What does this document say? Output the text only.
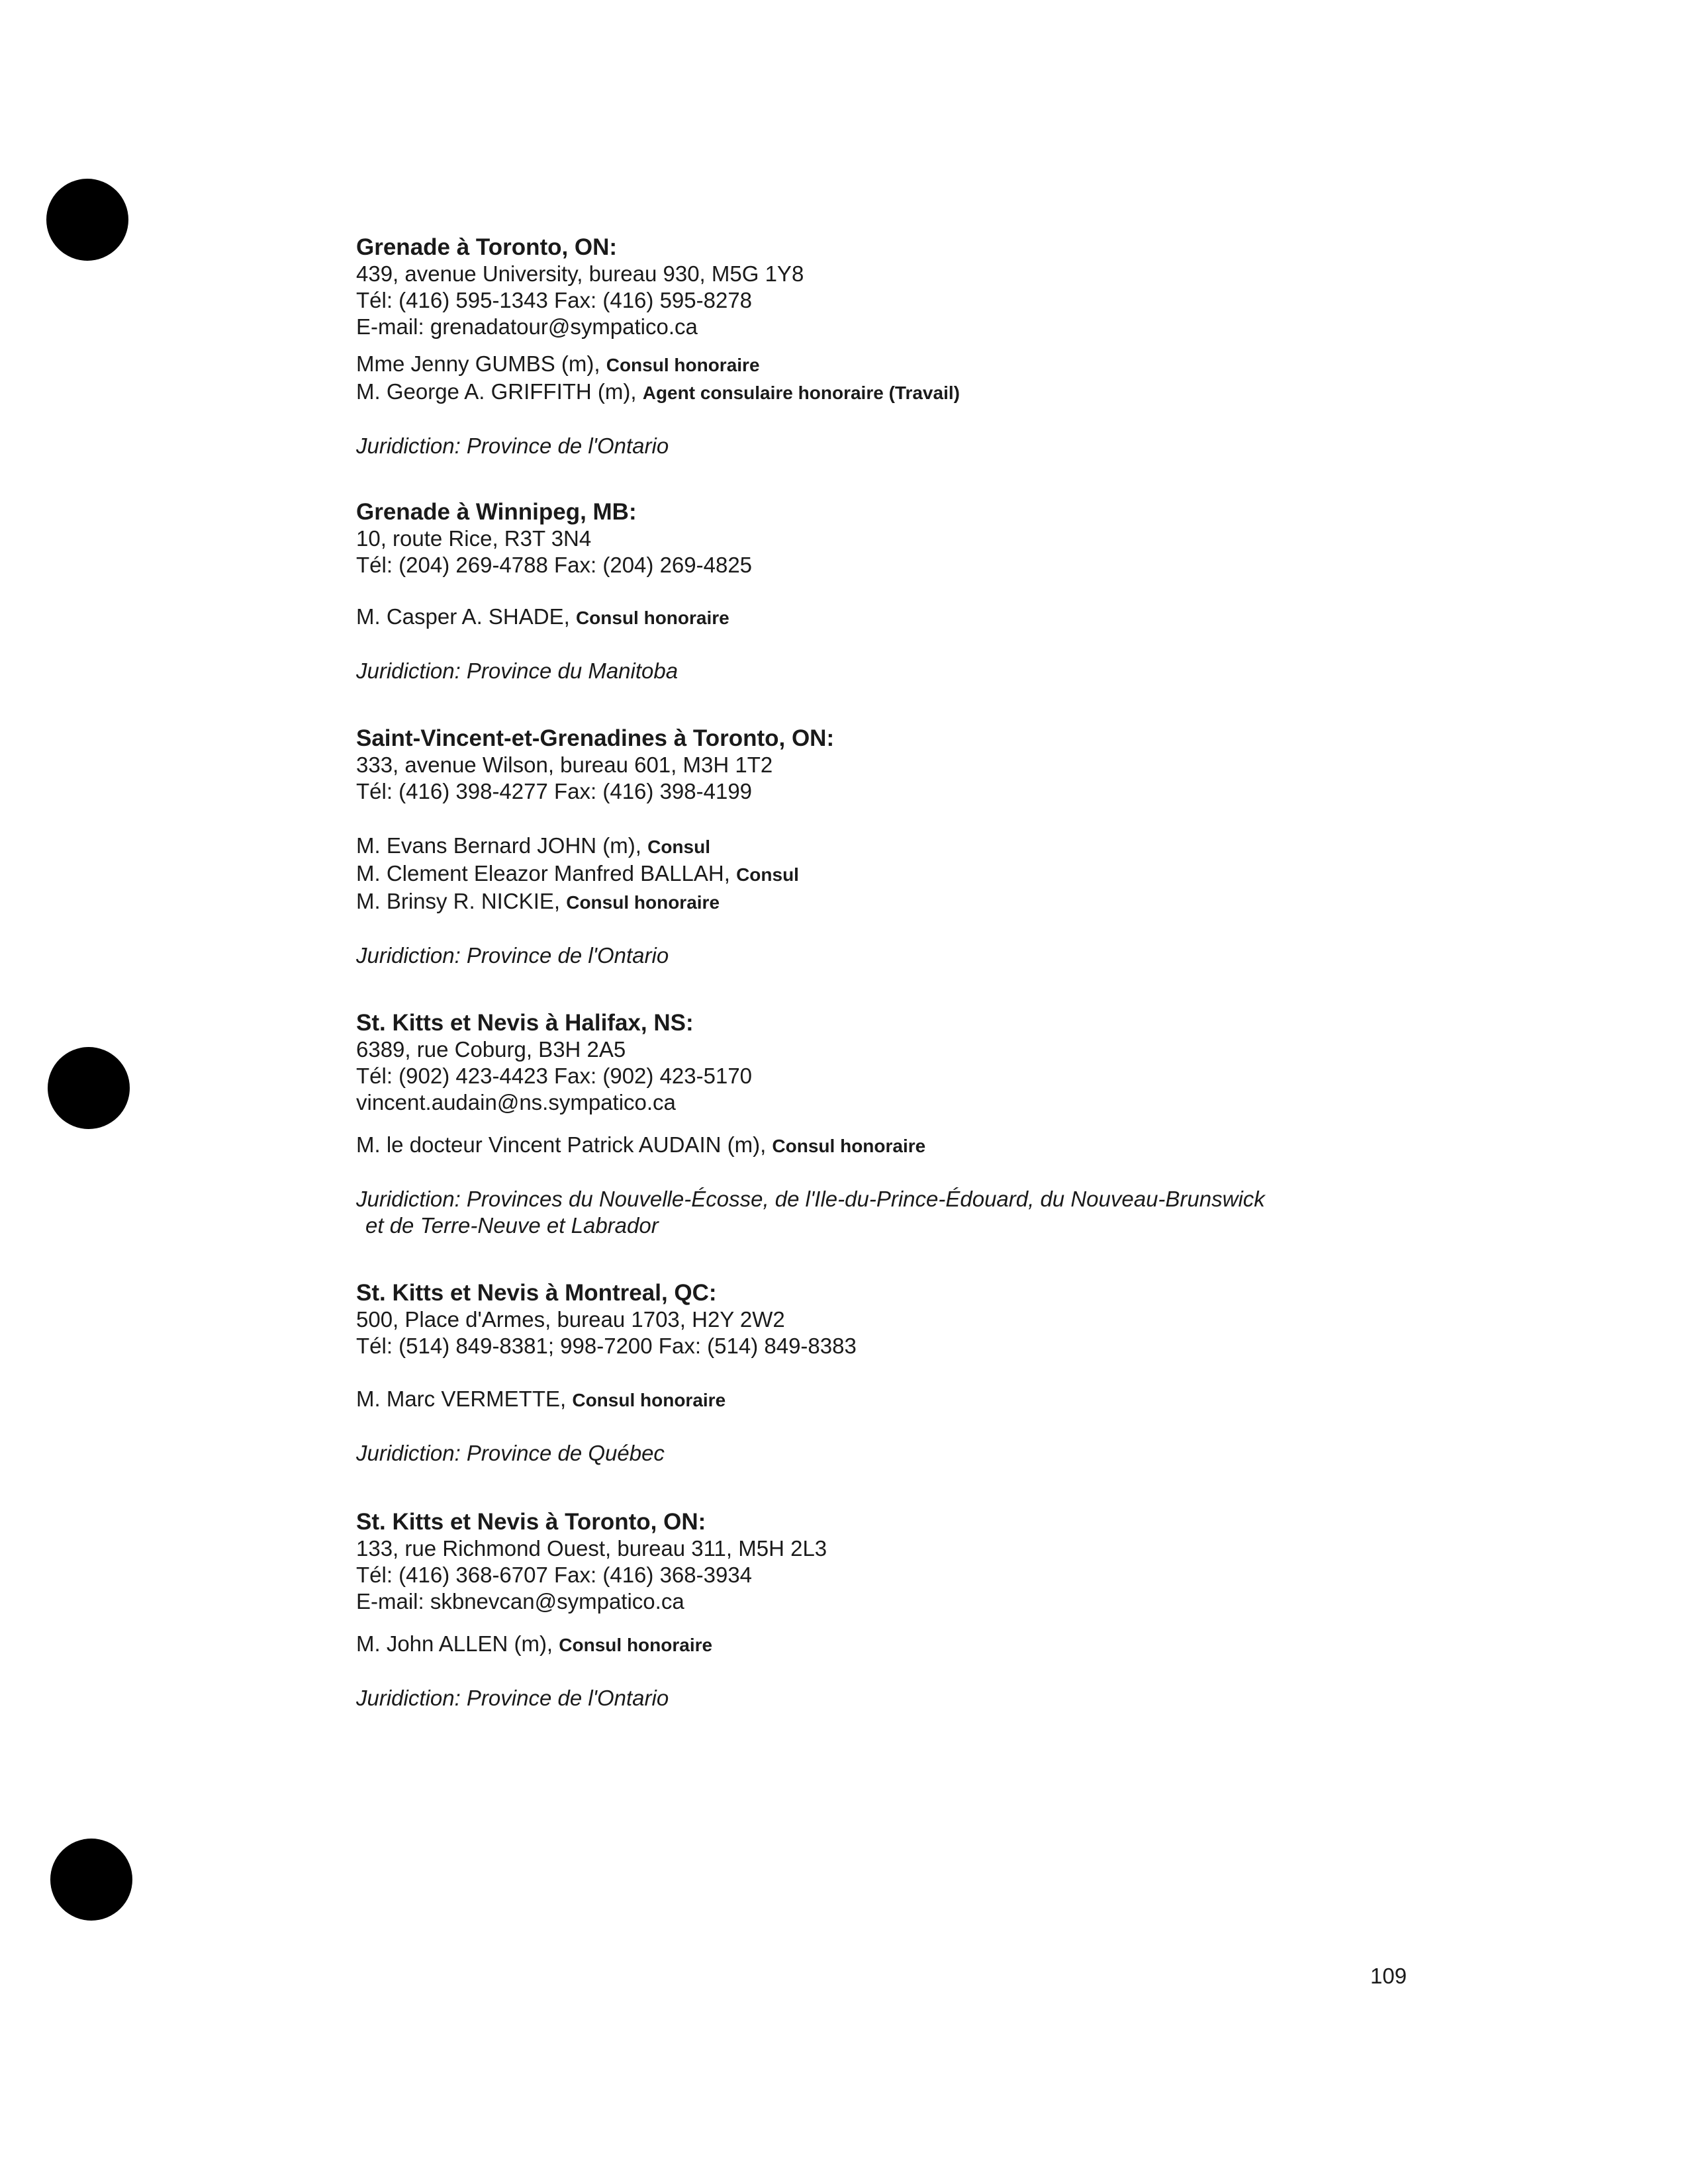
Grenade à Toronto, ON:

439, avenue University, bureau 930, M5G 1Y8

Tél: (416) 595-1343 Fax: (416) 595-8278

E-mail: grenadatour@sympatico.ca

Mme Jenny GUMBS (m), Consul honoraire

M. George A. GRIFFITH (m), Agent consulaire honoraire (Travail)

Juridiction: Province de l'Ontario

Grenade à Winnipeg, MB:

10, route Rice, R3T 3N4

Tél: (204) 269-4788 Fax: (204) 269-4825

M. Casper A. SHADE, Consul honoraire

Juridiction: Province du Manitoba

Saint-Vincent-et-Grenadines à Toronto, ON:

333, avenue Wilson, bureau 601, M3H 1T2

Tél: (416) 398-4277 Fax: (416) 398-4199

M. Evans Bernard JOHN (m), Consul

M. Clement Eleazor Manfred BALLAH, Consul

M. Brinsy R. NICKIE, Consul honoraire

Juridiction: Province de l'Ontario

St. Kitts et Nevis à Halifax, NS:

6389, rue Coburg, B3H 2A5

Tél: (902) 423-4423 Fax: (902) 423-5170

vincent.audain@ns.sympatico.ca

M. le docteur Vincent Patrick AUDAIN (m), Consul honoraire

Juridiction: Provinces du Nouvelle-Écosse, de l'Ile-du-Prince-Édouard, du Nouveau-Brunswick
et de Terre-Neuve et Labrador

St. Kitts et Nevis à Montreal, QC:

500, Place d'Armes, bureau 1703, H2Y 2W2

Tél: (514) 849-8381; 998-7200 Fax: (514) 849-8383

M. Marc VERMETTE, Consul honoraire

Juridiction: Province de Québec

St. Kitts et Nevis à Toronto, ON:

133, rue Richmond Ouest, bureau 311, M5H 2L3

Tél: (416) 368-6707 Fax: (416) 368-3934

E-mail: skbnevcan@sympatico.ca

M. John ALLEN (m), Consul honoraire

Juridiction: Province de l'Ontario

109
